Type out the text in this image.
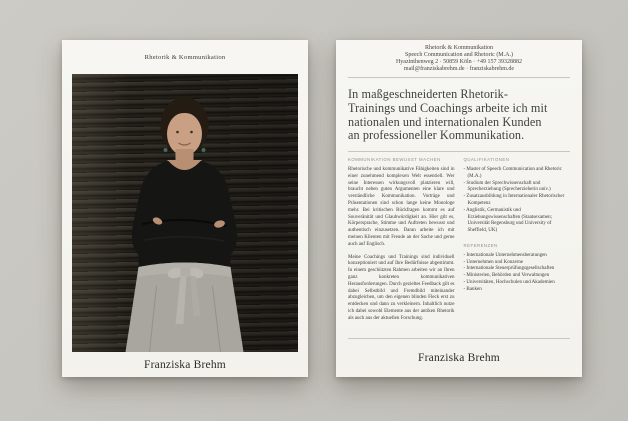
Rhetorik & Kommunikation
Franziska Brehm
Rhetorik & Kommunikation
Speech Communication and Rhetoric (M.A.)
Hyazinthenweg 2 · 50859 Köln · +49 157 39328882
mail@franziskabrehm.de · franziskabrehm.de
In maßgeschneiderten Rhetorik-
Trainings und Coachings arbeite ich mit
nationalen und internationalen Kunden
an professioneller Kommunikation.
KOMMUNIKATION BEWUSST MACHEN

Rhetorische und kommunikative Fähigkeiten sind in einer zunehmend komplexen Welt essentiell. Wer seine Interessen wirkungsvoll platzieren will, braucht neben guten Argumenten eine klare und verständliche Kommunikation. Vorträge und Präsentationen sind schon lange keine Monologe mehr. Bei kritischen Rückfragen kommt es auf Souveränität und Glaubwürdigkeit an. Hier gilt es, Körpersprache, Stimme und Auftreten bewusst und authentisch einzusetzen. Daran arbeite ich mit meinen Klienten mit Freude an der Sache und gerne auch auf Englisch.

Meine Coachings und Trainings sind individuell konzeptioniert und auf Ihre Bedürfnisse abgestimmt. In einem geschützten Rahmen arbeiten wir an Ihren ganz konkreten kommunikativen Herausforderungen. Durch gezieltes Feedback gilt es dabei Selbstbild und Fremdbild miteinander abzugleichen, um den eigenen blinden Fleck erst zu entdecken und dann zu verkleinern. Inhaltlich nutze ich dabei sowohl Elemente aus der antiken Rhetorik als auch aus der aktuellen Forschung.

QUALIFIKATIONEN
- Master of Speech Communication and Rhetoric (M.A.)
- Studium der Sprechwissenschaft und Sprecherziehung (Sprecherzieherin univ.)
- Zusatzausbildung in Internationaler Rhetorischer Kompetenz
- Anglistik, Germanistik und Erziehungswissenschaften (Staatsexamen; Universität Regensburg und University of Sheffield, UK)
REFERENZEN
- Internationale Unternehmensberatungen
- Unternehmen und Konzerne
- Internationale Steuerprüfungsgesellschaften
- Ministerien, Behörden und Verwaltungen
- Universitäten, Hochschulen und Akademien
- Banken
Franziska Brehm
